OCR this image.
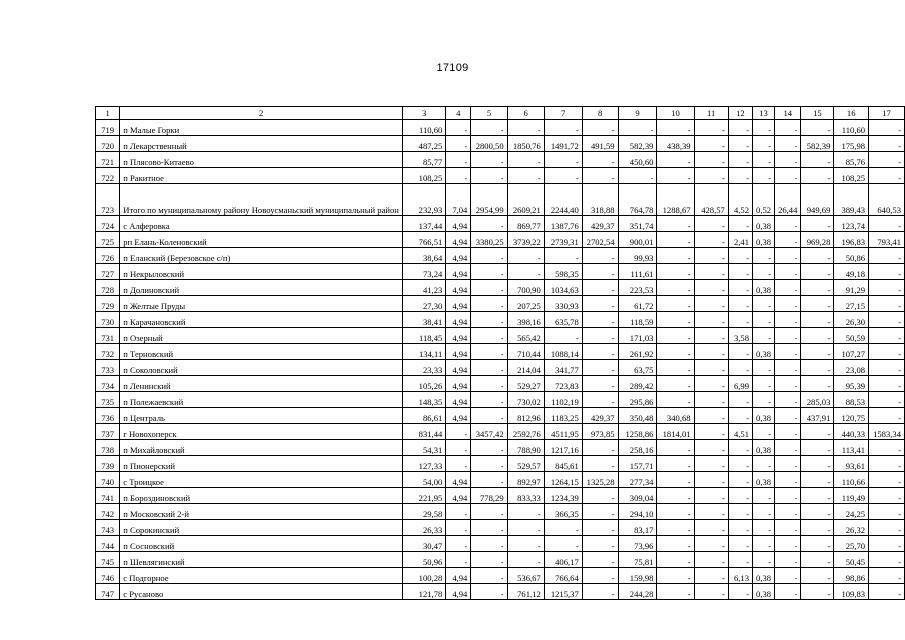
17109
1	2	3	4	5	6	7	8	9	10	11	12	13	14	15	16	17
719	п Малые Горки	110,60	-	-	-	-	-	-	-	-	-	-	-	-	110,60	-
720	п Лекарственный	487,25	-	2800,50	1850,76	1491,72	491,59	582,39	438,39	-	-	-	-	582,39	175,98	-
721	п Плясово-Китаево	85,77	-	-	-	-	-	450,60	-	-	-	-	-	-	85,76	-
722	п Ракитное	108,25	-	-	-	-	-	-	-	-	-	-	-	-	108,25	-
723	Итого по муниципальному району Новоусманьский муниципальный район	232,93	7,04	2954,99	2609,21	2244,40	318,88	764,78	1288,67	428,57	4,52	0,52	26,44	949,69	389,43	640,53
724	с Алферовка	137,44	4,94	-	869,77	1387,76	429,37	351,74	-	-	-	0,38	-	-	123,74	-
725	рп Елань-Коленовский	766,51	4,94	3380,25	3739,22	2739,31	2702,54	900,01	-	-	2,41	0,38	-	969,28	196,83	793,41
726	п Еланский (Березовское с/п)	38,64	4,94	-	-	-	-	99,93	-	-	-	-	-	-	50,86	-
727	п Некрыловский	73,24	4,94	-	-	598,35	-	111,61	-	-	-	-	-	-	49,18	-
728	п Долиновский	41,23	4,94	-	700,90	1034,63	-	223,53	-	-	-	0,38	-	-	91,29	-
729	п Желтые Пруды	27,30	4,94	-	207,25	330,93	-	61,72	-	-	-	-	-	-	27,15	-
730	п Карачановский	38,41	4,94	-	398,16	635,78	-	118,59	-	-	-	-	-	-	26,30	-
731	п Озерный	118,45	4,94	-	565,42	-	-	171,03	-	-	3,58	-	-	-	50,59	-
732	п Терновский	134,11	4,94	-	710,44	1088,14	-	261,92	-	-	-	0,38	-	-	107,27	-
733	п Соколовский	23,33	4,94	-	214,04	341,77	-	63,75	-	-	-	-	-	-	23,08	-
734	п Ленинский	105,26	4,94	-	529,27	723,83	-	289,42	-	-	6,99	-	-	-	95,39	-
735	п Полежаевский	148,35	4,94	-	730,02	1102,19	-	295,86	-	-	-	-	-	285,03	88,53	-
736	п Централь	86,61	4,94	-	812,96	1183,25	429,37	350,48	340,68	-	-	0,38	-	437,91	120,75	-
737	г Новохоперск	831,44	-	3457,42	2592,76	4511,95	973,85	1258,86	1814,01	-	4,51	-	-	-	440,33	1583,34
738	п Михайловский	54,31	-	-	788,90	1217,16	-	258,16	-	-	-	0,38	-	-	113,41	-
739	п Пионерский	127,33	-	-	529,57	845,61	-	157,71	-	-	-	-	-	-	93,61	-
740	с Троицкое	54,00	4,94	-	892,97	1264,15	1325,28	277,34	-	-	-	0,38	-	-	110,66	-
741	п Бороздиновский	221,95	4,94	778,29	833,33	1234,39	-	309,04	-	-	-	-	-	-	119,49	-
742	п Московский 2-й	29,58	-	-	-	366,35	-	294,10	-	-	-	-	-	-	24,25	-
743	п Сорокинский	26,33	-	-	-	-	-	83,17	-	-	-	-	-	-	26,32	-
744	п Сосновский	30,47	-	-	-	-	-	73,96	-	-	-	-	-	-	25,70	-
745	п Шевлягинский	50,96	-	-	-	406,17	-	75,81	-	-	-	-	-	-	50,45	-
746	с Подгорное	100,28	4,94	-	536,67	766,64	-	159,98	-	-	6,13	0,38	-	-	98,86	-
747	с Русаново	121,78	4,94	-	761,12	1215,37	-	244,28	-	-	-	0,38	-	-	109,83	-
